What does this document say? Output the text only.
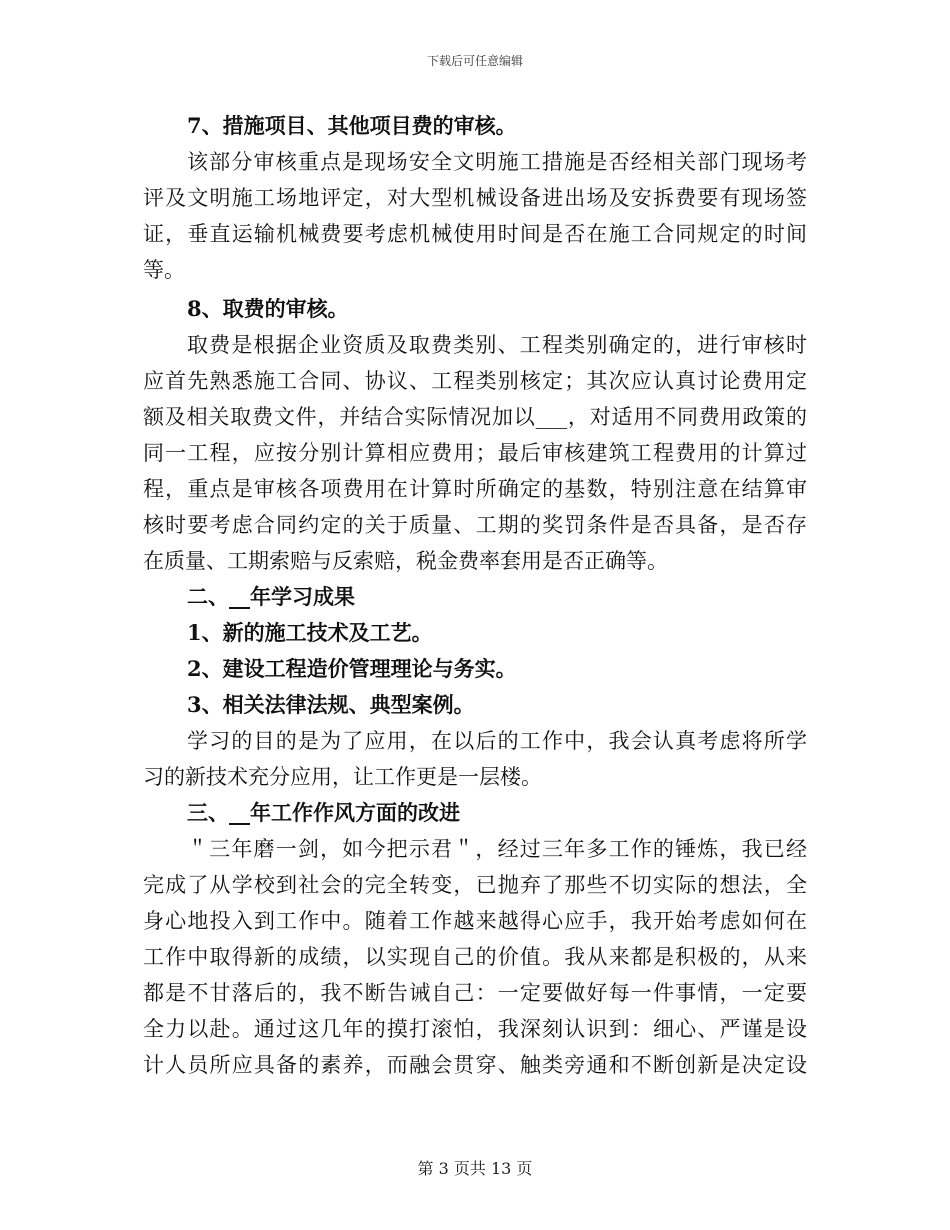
下载后可任意编辑
7、措施项目、其他项目费的审核。
该部分审核重点是现场安全文明施工措施是否经相关部门现场考
评及文明施工场地评定，对大型机械设备进出场及安拆费要有现场签
证，垂直运输机械费要考虑机械使用时间是否在施工合同规定的时间
等。
8、取费的审核。
取费是根据企业资质及取费类别、工程类别确定的，进行审核时
应首先熟悉施工合同、协议、工程类别核定；其次应认真讨论费用定
额及相关取费文件，并结合实际情况加以___，对适用不同费用政策的
同一工程，应按分别计算相应费用；最后审核建筑工程费用的计算过
程，重点是审核各项费用在计算时所确定的基数，特别注意在结算审
核时要考虑合同约定的关于质量、工期的奖罚条件是否具备，是否存
在质量、工期索赔与反索赔，税金费率套用是否正确等。
二、__年学习成果
1、新的施工技术及工艺。
2、建设工程造价管理理论与务实。
3、相关法律法规、典型案例。
学习的目的是为了应用，在以后的工作中，我会认真考虑将所学
习的新技术充分应用，让工作更是一层楼。
三、__年工作作风方面的改进
＂三年磨一剑，如今把示君＂，经过三年多工作的锤炼，我已经
完成了从学校到社会的完全转变，已抛弃了那些不切实际的想法，全
身心地投入到工作中。随着工作越来越得心应手，我开始考虑如何在
工作中取得新的成绩，以实现自己的价值。我从来都是积极的，从来
都是不甘落后的，我不断告诫自己：一定要做好每一件事情，一定要
全力以赴。通过这几年的摸打滚怕，我深刻认识到：细心、严谨是设
计人员所应具备的素养，而融会贯穿、触类旁通和不断创新是决定设
第 3 页共 13 页
